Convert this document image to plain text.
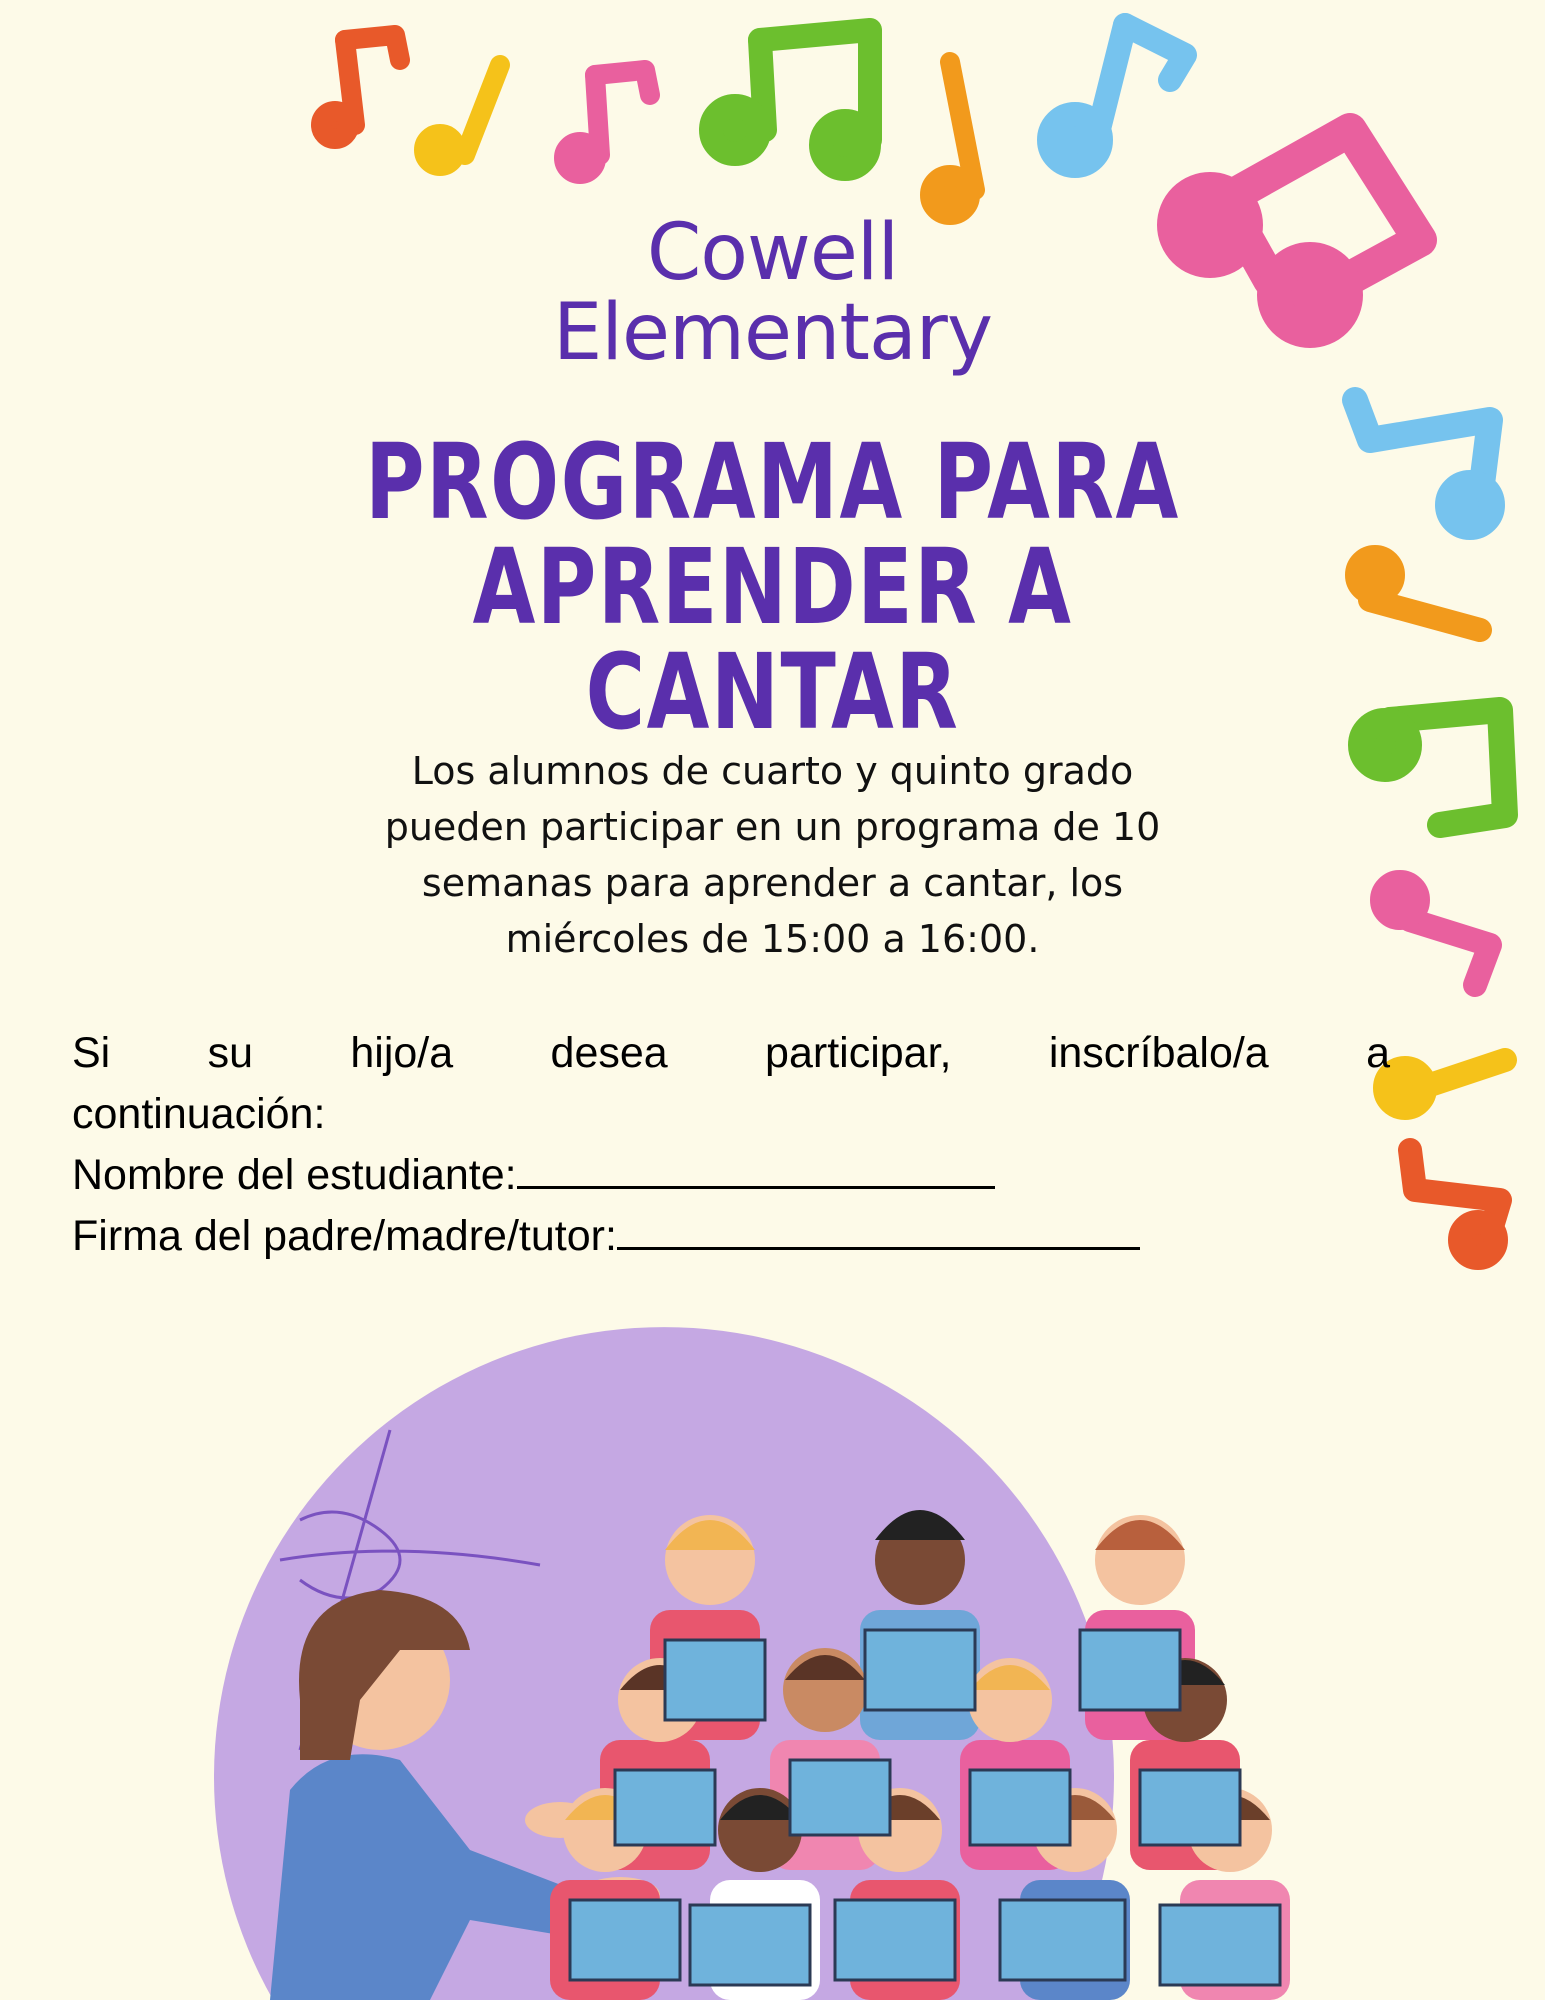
Cowell
Elementary
PROGRAMA PARA
APRENDER A
CANTAR
Los alumnos de cuarto y quinto grado
pueden participar en un programa de 10
semanas para aprender a cantar, los
miércoles de 15:00 a 16:00.
Si su hijo/a desea participar, inscríbalo/a a
continuación:
Nombre del estudiante:
Firma del padre/madre/tutor:
